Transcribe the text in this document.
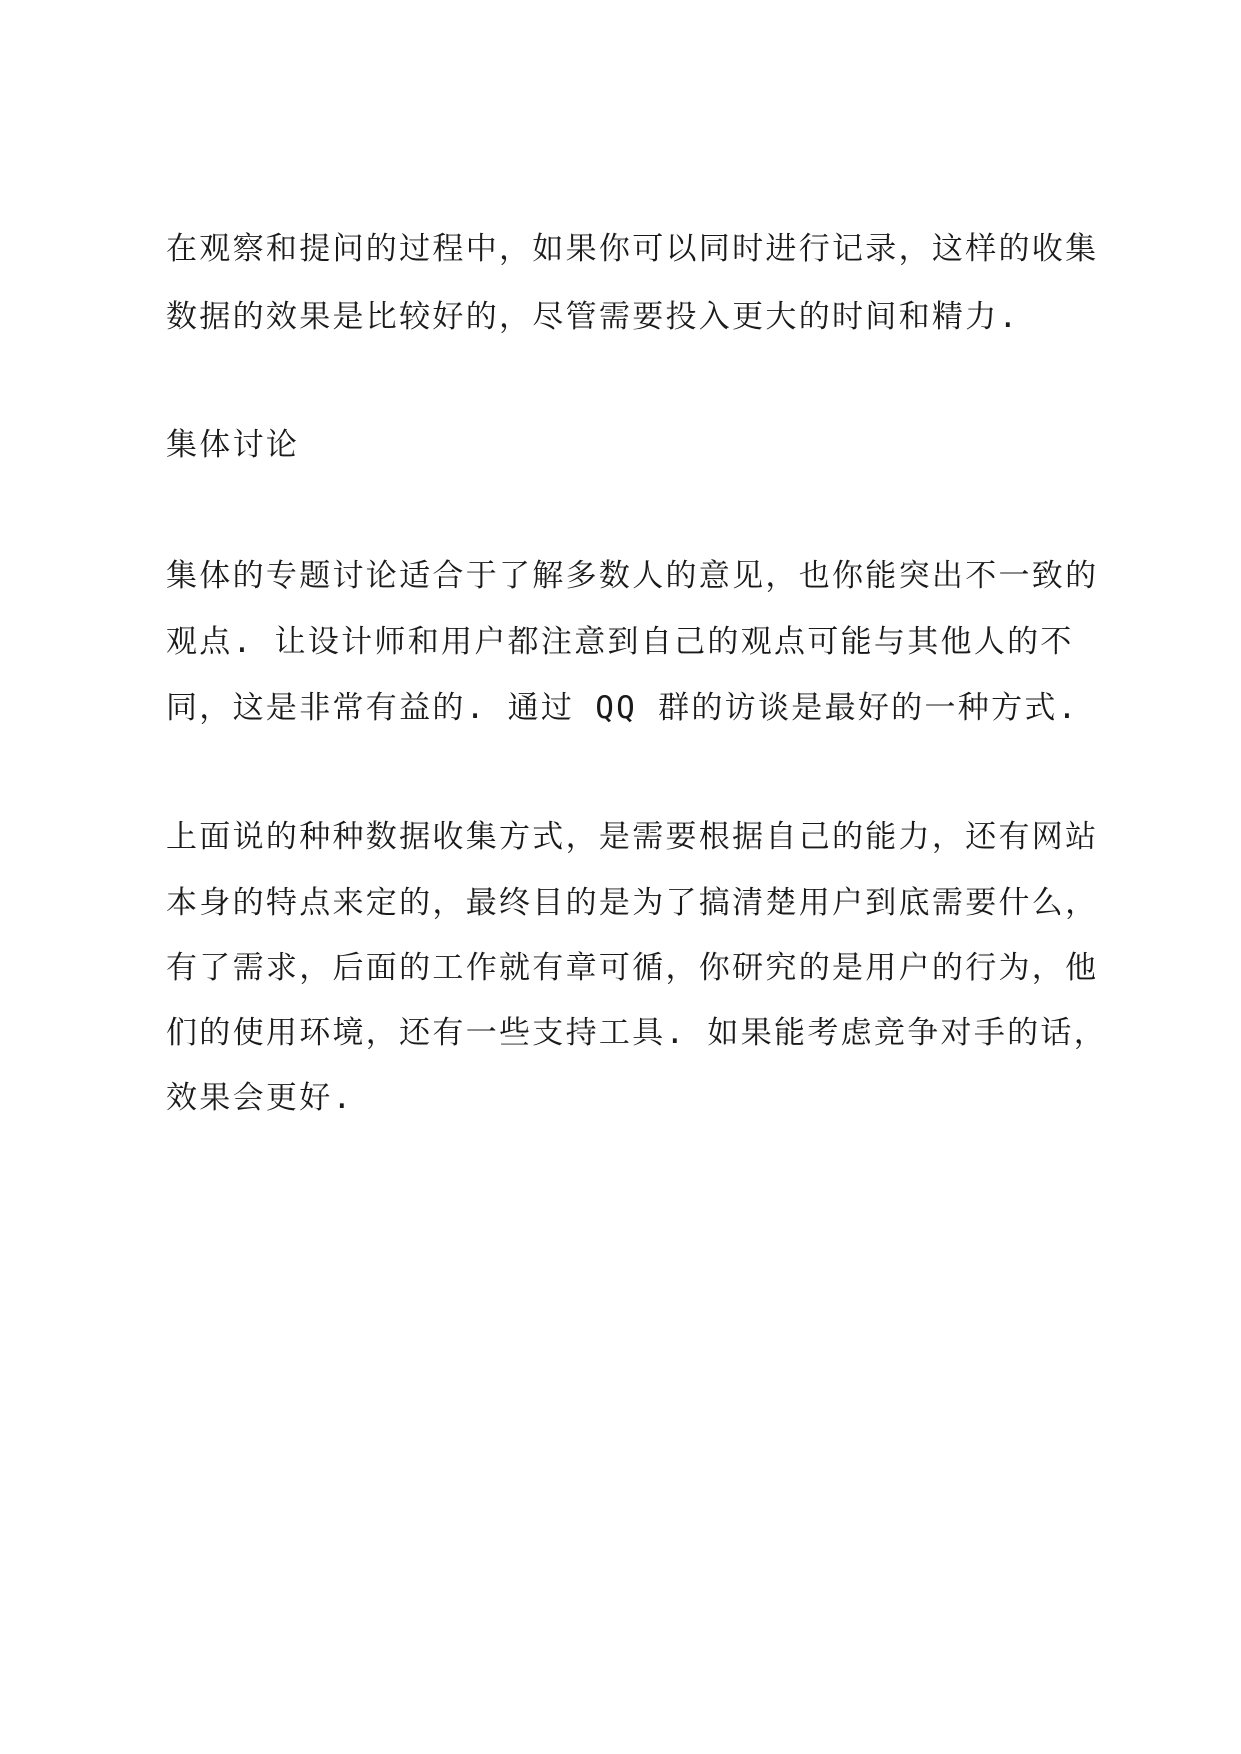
在观察和提问的过程中，如果你可以同时进行记录，这样的收集
数据的效果是比较好的，尽管需要投入更大的时间和精力.
集体讨论
集体的专题讨论适合于了解多数人的意见，也你能突出不一致的
观点. 让设计师和用户都注意到自己的观点可能与其他人的不
同，这是非常有益的. 通过 QQ 群的访谈是最好的一种方式.
上面说的种种数据收集方式，是需要根据自己的能力，还有网站
本身的特点来定的，最终目的是为了搞清楚用户到底需要什么，
有了需求，后面的工作就有章可循，你研究的是用户的行为，他
们的使用环境，还有一些支持工具. 如果能考虑竞争对手的话，
效果会更好.
